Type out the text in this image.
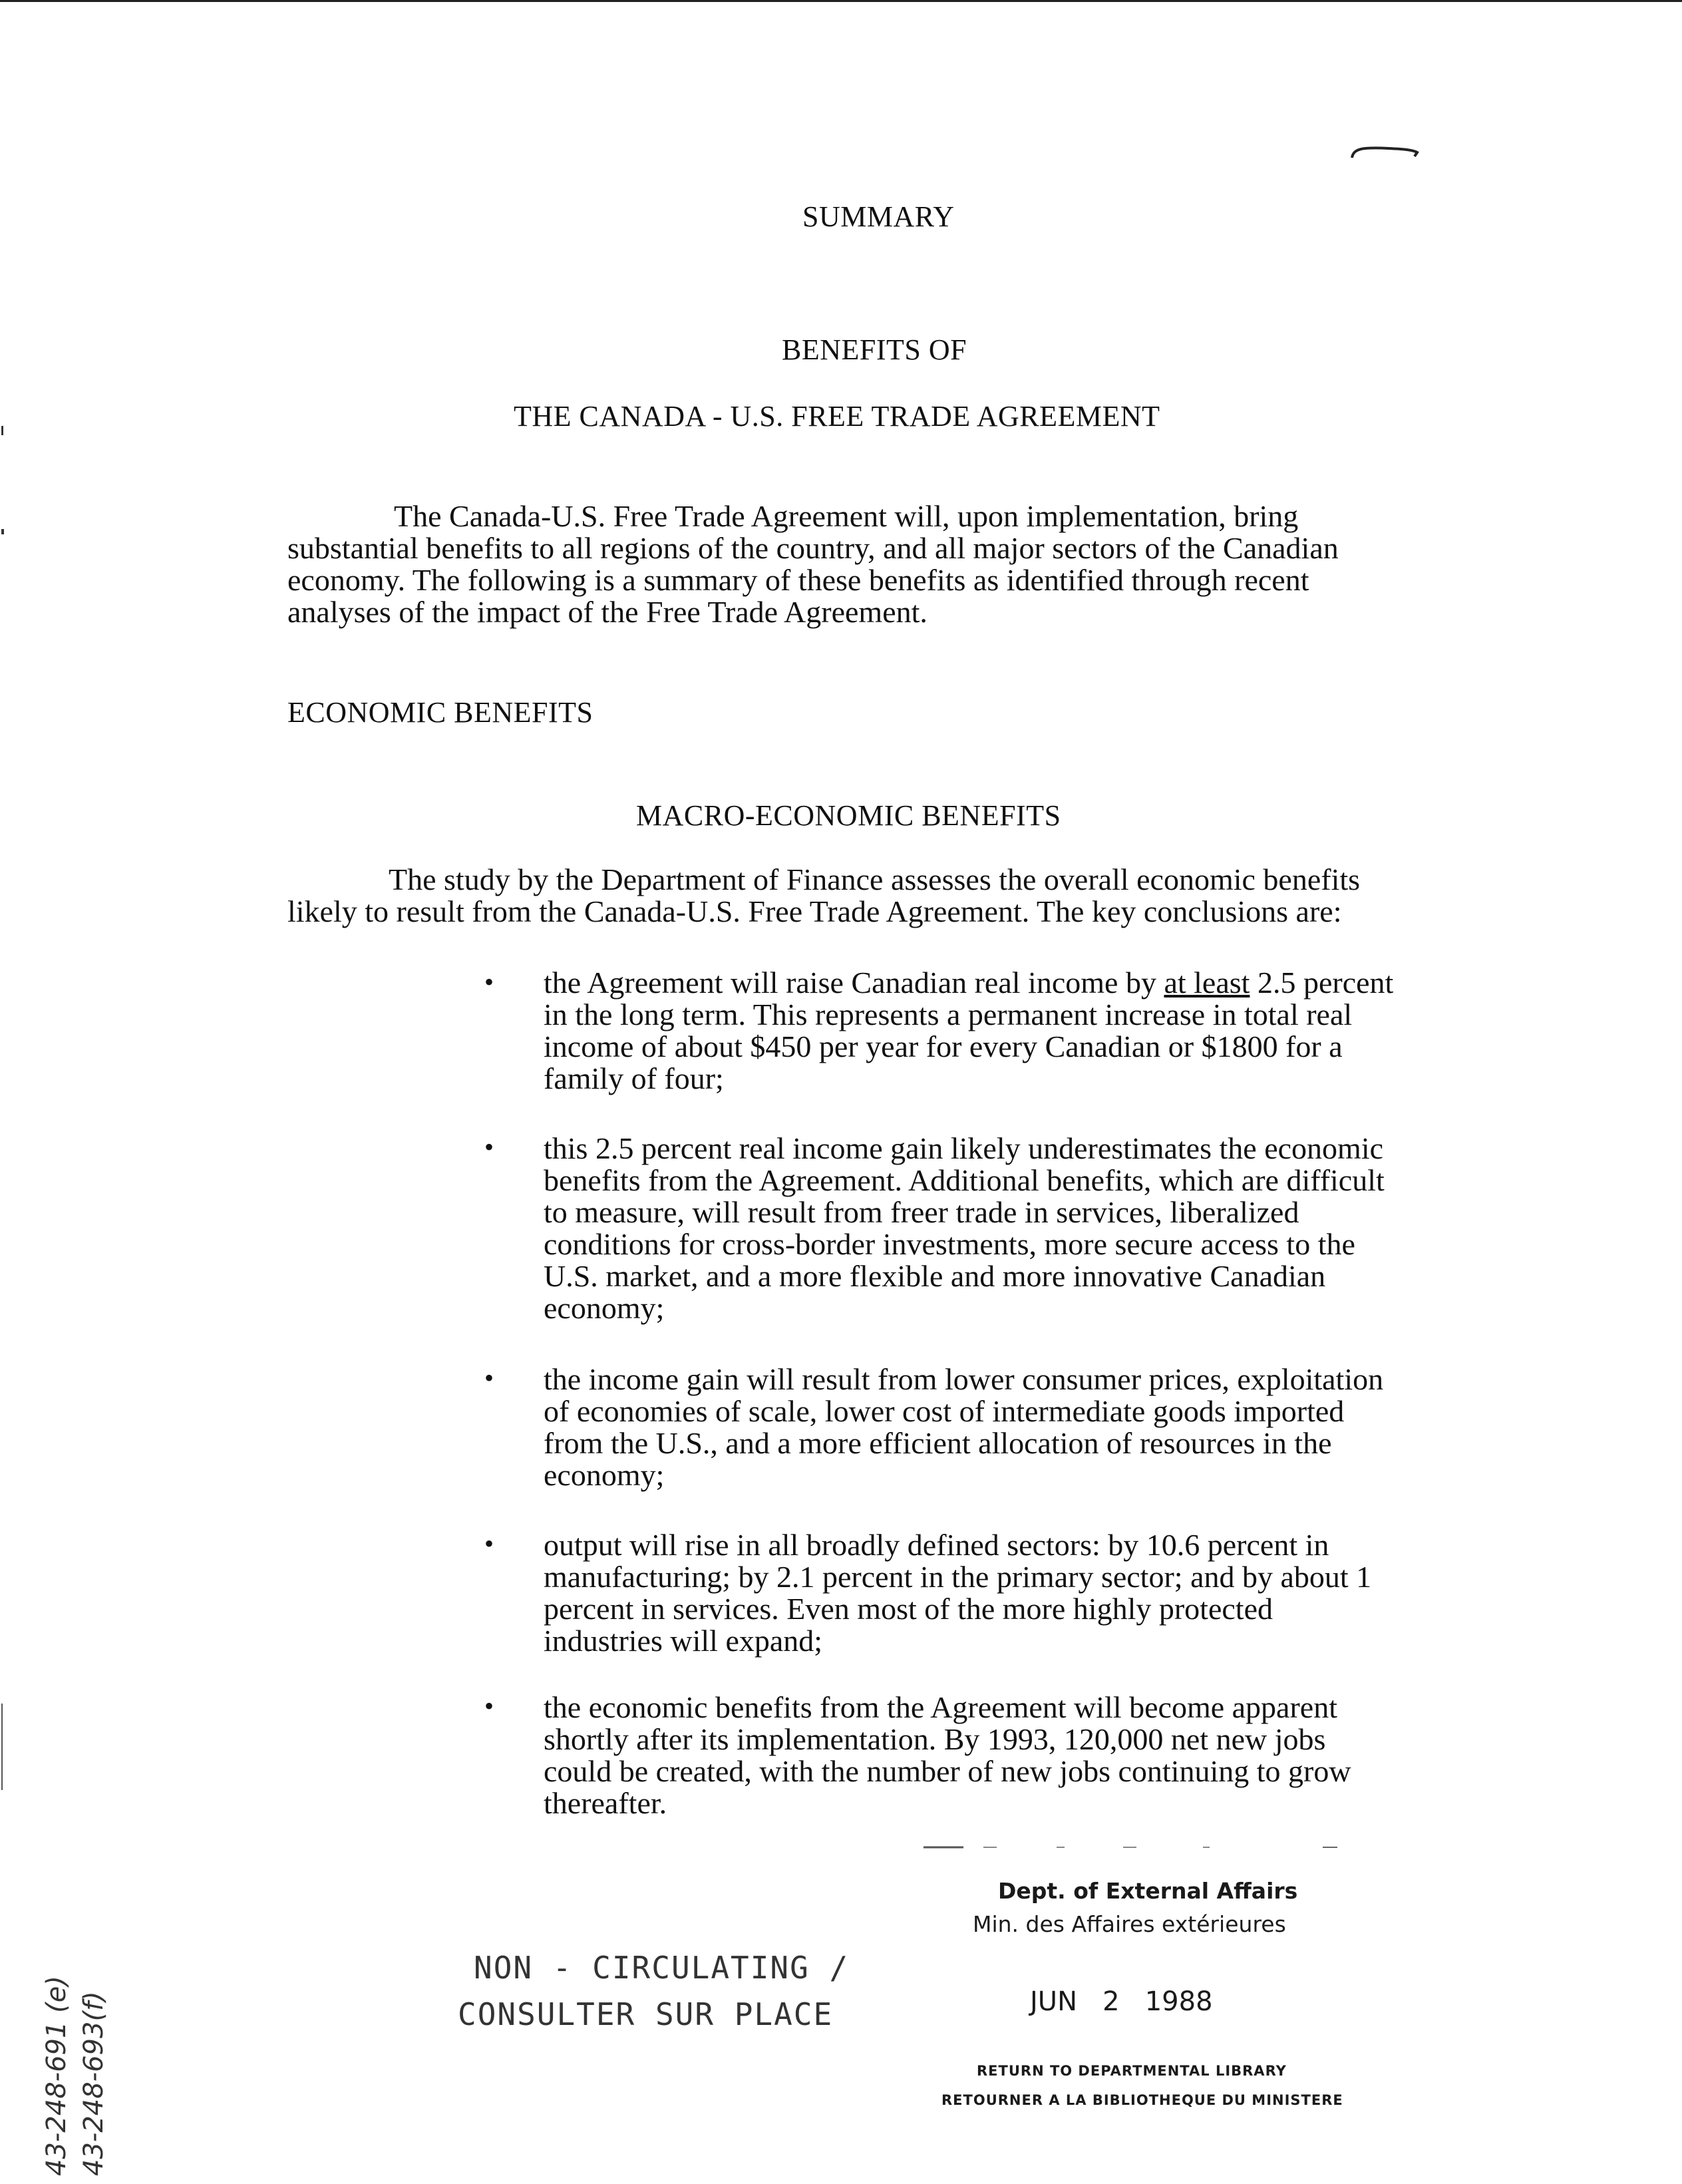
SUMMARY
BENEFITS OF
THE CANADA - U.S. FREE TRADE AGREEMENT
The Canada-U.S. Free Trade Agreement will, upon implementation, bring
substantial benefits to all regions of the country, and all major sectors of the Canadian
economy. The following is a summary of these benefits as identified through recent
analyses of the impact of the Free Trade Agreement.
ECONOMIC BENEFITS
MACRO-ECONOMIC BENEFITS
The study by the Department of Finance assesses the overall economic benefits
likely to result from the Canada-U.S. Free Trade Agreement. The key conclusions are:
• the Agreement will raise Canadian real income by at least 2.5 percent
in the long term. This represents a permanent increase in total real
income of about $450 per year for every Canadian or $1800 for a
family of four;
• this 2.5 percent real income gain likely underestimates the economic
benefits from the Agreement. Additional benefits, which are difficult
to measure, will result from freer trade in services, liberalized
conditions for cross-border investments, more secure access to the
U.S. market, and a more flexible and more innovative Canadian
economy;
• the income gain will result from lower consumer prices, exploitation
of economies of scale, lower cost of intermediate goods imported
from the U.S., and a more efficient allocation of resources in the
economy;
• output will rise in all broadly defined sectors: by 10.6 percent in
manufacturing; by 2.1 percent in the primary sector; and by about 1
percent in services. Even most of the more highly protected
industries will expand;
• the economic benefits from the Agreement will become apparent
shortly after its implementation. By 1993, 120,000 net new jobs
could be created, with the number of new jobs continuing to grow
thereafter.
Dept. of External Affairs
Min. des Affaires extérieures
JUN   2   1988
RETURN TO DEPARTMENTAL LIBRARY
RETOURNER A LA BIBLIOTHEQUE DU MINISTERE
NON - CIRCULATING /
CONSULTER SUR PLACE
43-248-691 (e) 43-248-693(f)
